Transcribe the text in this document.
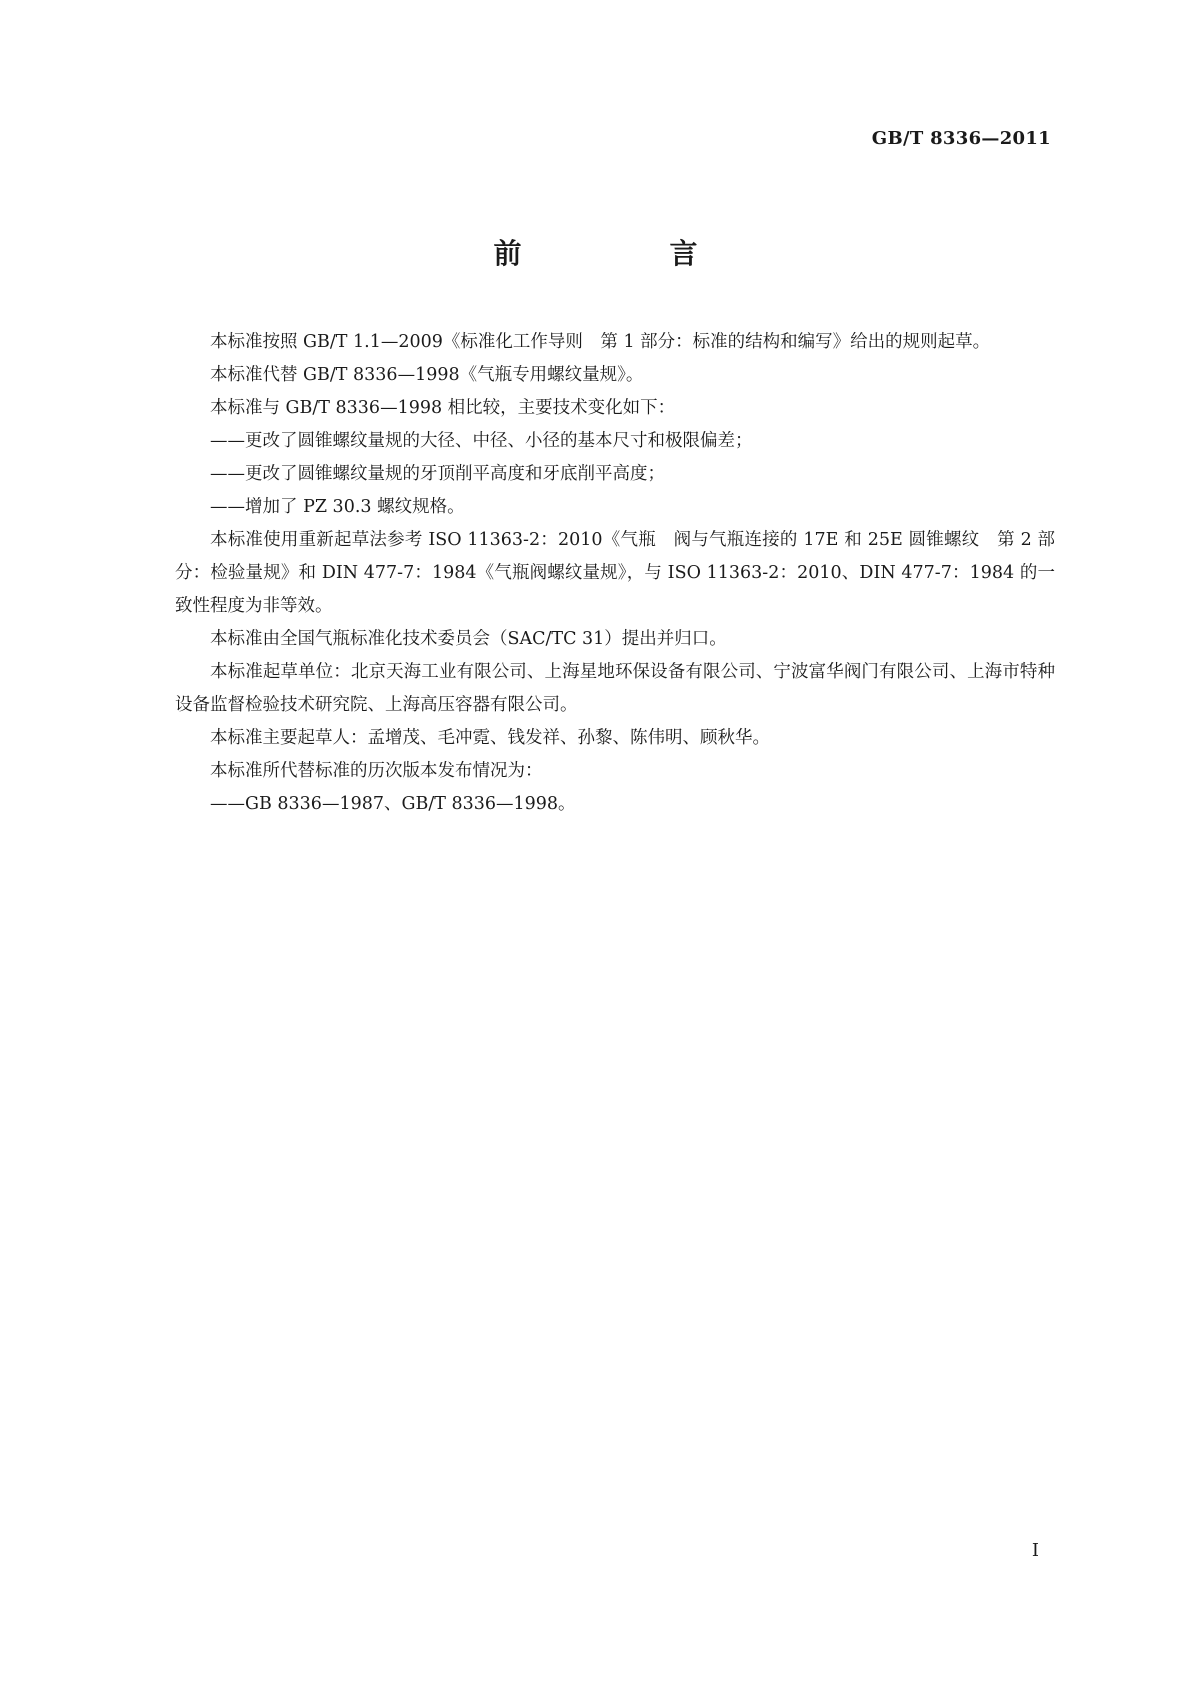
GB/T 8336—2011
前　言

本标准按照 GB/T 1.1—2009《标准化工作导则　第 1 部分：标准的结构和编写》给出的规则起草。

本标准代替 GB/T 8336—1998《气瓶专用螺纹量规》。

本标准与 GB/T 8336—1998 相比较，主要技术变化如下：

——更改了圆锥螺纹量规的大径、中径、小径的基本尺寸和极限偏差；

——更改了圆锥螺纹量规的牙顶削平高度和牙底削平高度；

——增加了 PZ 30.3 螺纹规格。

本标准使用重新起草法参考 ISO 11363-2：2010《气瓶　阀与气瓶连接的 17E 和 25E 圆锥螺纹　第 2 部分：检验量规》和 DIN 477-7：1984《气瓶阀螺纹量规》，与 ISO 11363-2：2010、DIN 477-7：1984 的一致性程度为非等效。

本标准由全国气瓶标准化技术委员会（SAC/TC 31）提出并归口。

本标准起草单位：北京天海工业有限公司、上海星地环保设备有限公司、宁波富华阀门有限公司、上海市特种设备监督检验技术研究院、上海高压容器有限公司。

本标准主要起草人：孟增茂、毛冲霓、钱发祥、孙黎、陈伟明、顾秋华。

本标准所代替标准的历次版本发布情况为：

——GB 8336—1987、GB/T 8336—1998。

I
